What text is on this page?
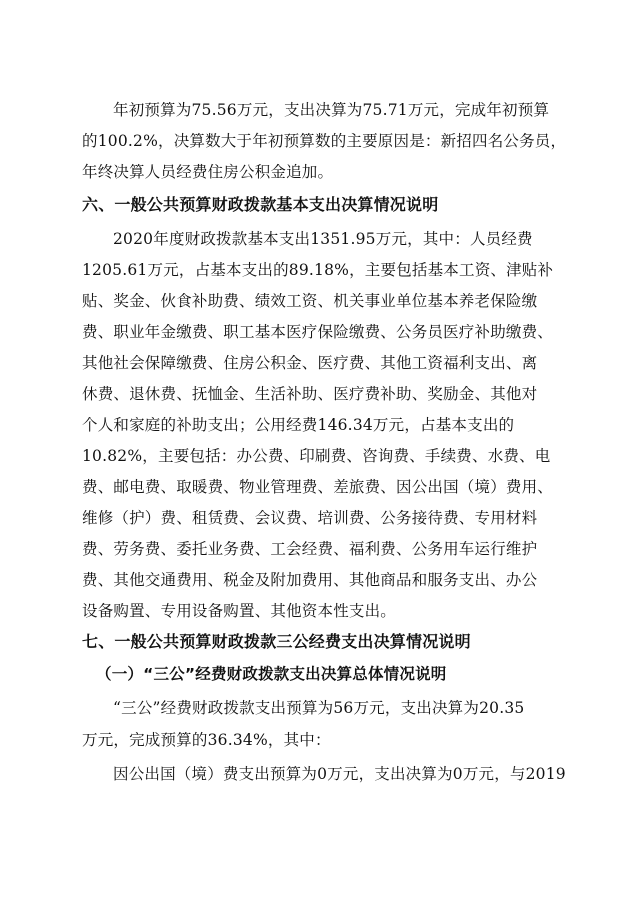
年初预算为75.56万元，支出决算为75.71万元，完成年初预算
的100.2%，决算数大于年初预算数的主要原因是：新招四名公务员，
年终决算人员经费住房公积金追加。
六、一般公共预算财政拨款基本支出决算情况说明
2020年度财政拨款基本支出1351.95万元，其中：人员经费
1205.61万元，占基本支出的89.18%，主要包括基本工资、津贴补
贴、奖金、伙食补助费、绩效工资、机关事业单位基本养老保险缴
费、职业年金缴费、职工基本医疗保险缴费、公务员医疗补助缴费、
其他社会保障缴费、住房公积金、医疗费、其他工资福利支出、离
休费、退休费、抚恤金、生活补助、医疗费补助、奖励金、其他对
个人和家庭的补助支出；公用经费146.34万元，占基本支出的
10.82%，主要包括：办公费、印刷费、咨询费、手续费、水费、电
费、邮电费、取暖费、物业管理费、差旅费、因公出国（境）费用、
维修（护）费、租赁费、会议费、培训费、公务接待费、专用材料
费、劳务费、委托业务费、工会经费、福利费、公务用车运行维护
费、其他交通费用、税金及附加费用、其他商品和服务支出、办公
设备购置、专用设备购置、其他资本性支出。
七、一般公共预算财政拨款三公经费支出决算情况说明
（一）“三公”经费财政拨款支出决算总体情况说明
“三公”经费财政拨款支出预算为56万元，支出决算为20.35
万元，完成预算的36.34%，其中：
因公出国（境）费支出预算为0万元，支出决算为0万元，与2019
